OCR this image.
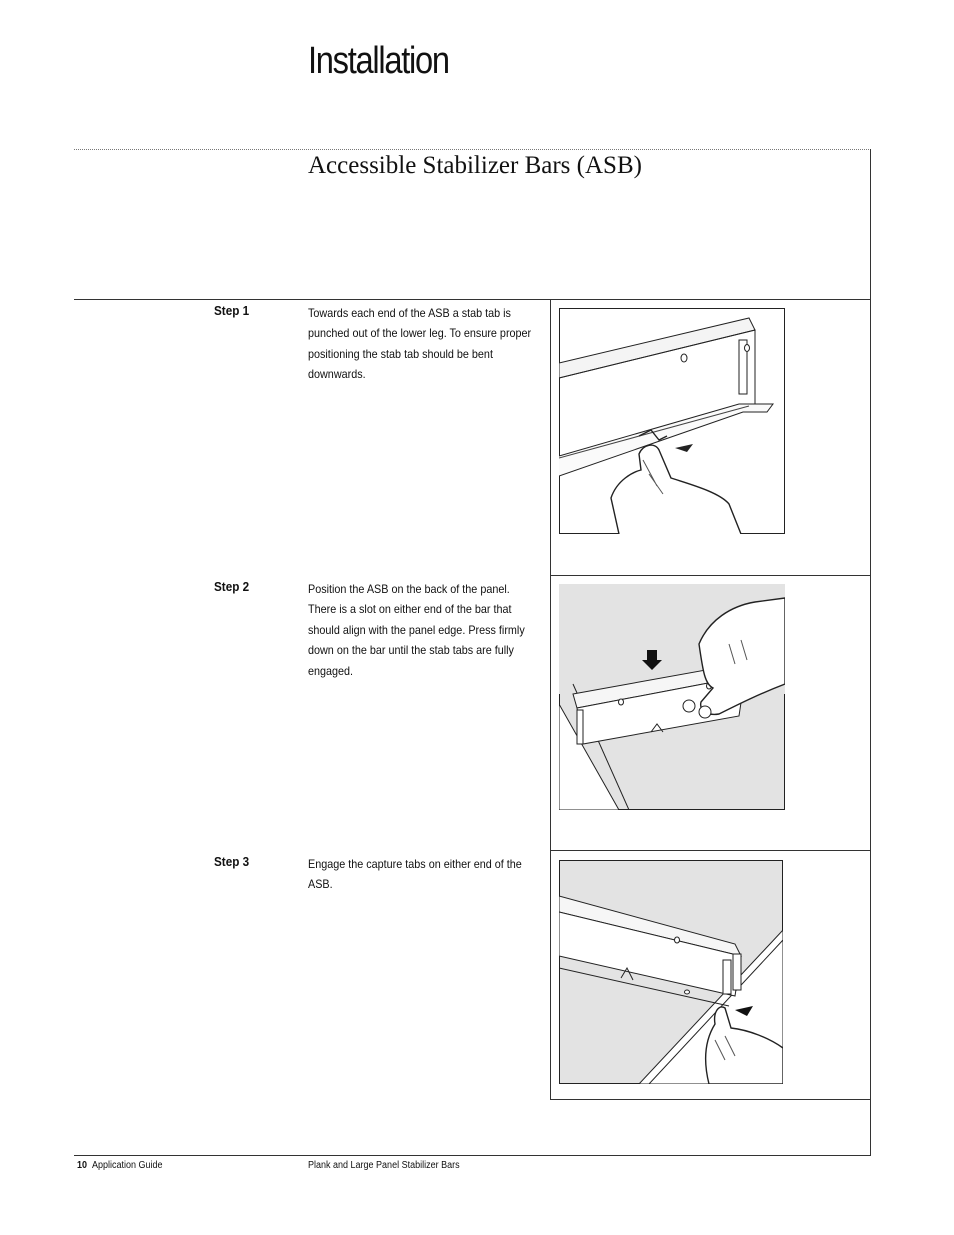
Installation
Accessible Stabilizer Bars (ASB)
Step 1	Towards each end of the ASB a stab tab is punched out of the lower leg. To ensure proper positioning the stab tab should be bent downwards.
Step 2	Position the ASB on the back of the panel. There is a slot on either end of the bar that should align with the panel edge. Press firmly down on the bar until the stab tabs are fully engaged.
Step 3	Engage the capture tabs on either end of the ASB.
10 Application Guide	Plank and Large Panel Stabilizer Bars
